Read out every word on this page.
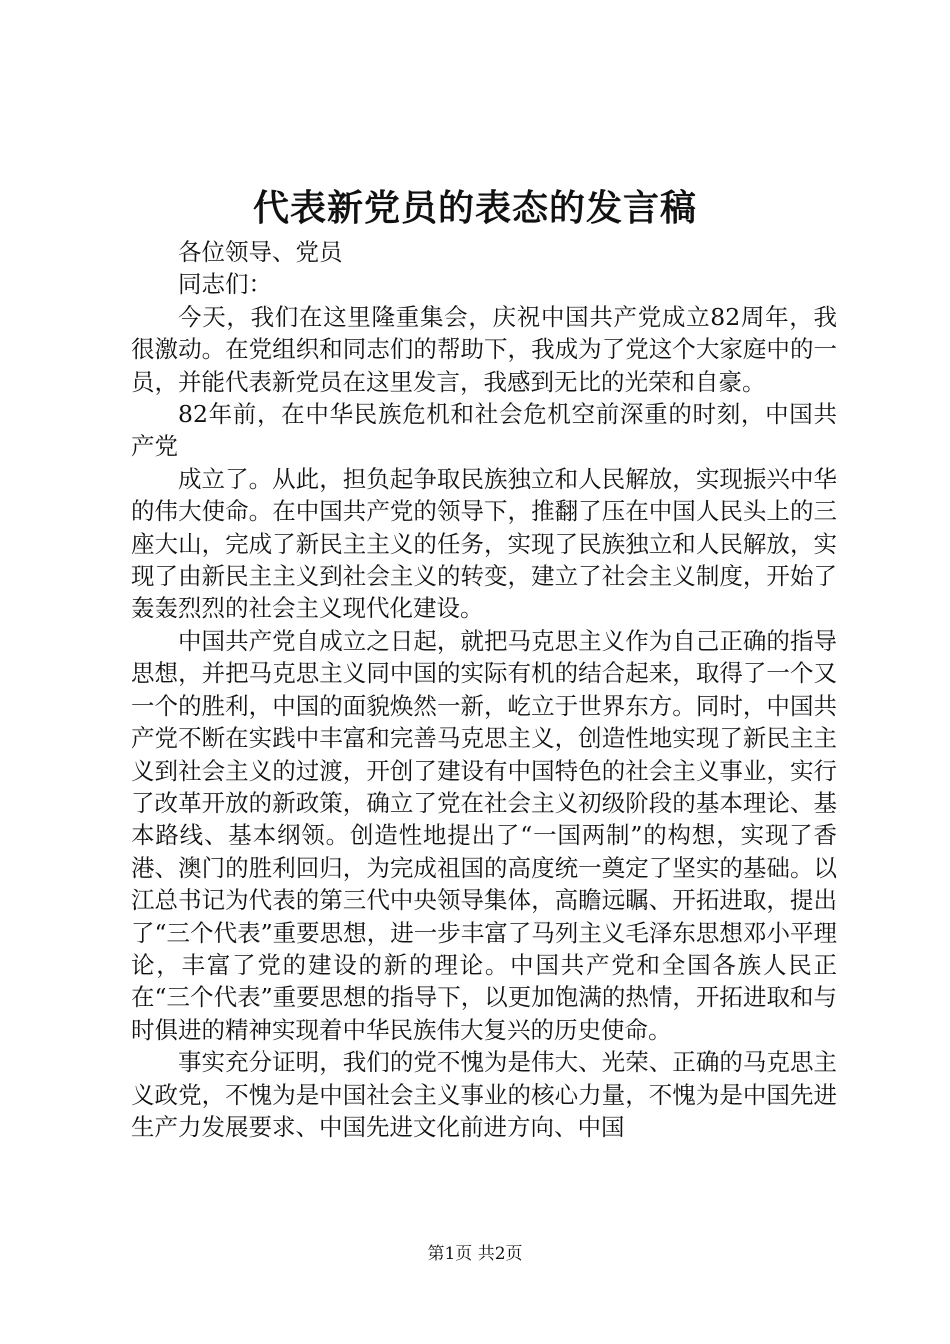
代表新党员的表态的发言稿

各位领导、党员

同志们：

今天，我们在这里隆重集会，庆祝中国共产党成立82周年，我很激动。在党组织和同志们的帮助下，我成为了党这个大家庭中的一员，并能代表新党员在这里发言，我感到无比的光荣和自豪。

82年前，在中华民族危机和社会危机空前深重的时刻，中国共产党

成立了。从此，担负起争取民族独立和人民解放，实现振兴中华的伟大使命。在中国共产党的领导下，推翻了压在中国人民头上的三座大山，完成了新民主主义的任务，实现了民族独立和人民解放，实现了由新民主主义到社会主义的转变，建立了社会主义制度，开始了轰轰烈烈的社会主义现代化建设。

中国共产党自成立之日起，就把马克思主义作为自己正确的指导思想，并把马克思主义同中国的实际有机的结合起来，取得了一个又一个的胜利，中国的面貌焕然一新，屹立于世界东方。同时，中国共产党不断在实践中丰富和完善马克思主义，创造性地实现了新民主主义到社会主义的过渡，开创了建设有中国特色的社会主义事业，实行了改革开放的新政策，确立了党在社会主义初级阶段的基本理论、基本路线、基本纲领。创造性地提出了“一国两制”的构想，实现了香港、澳门的胜利回归，为完成祖国的高度统一奠定了坚实的基础。以江总书记为代表的第三代中央领导集体，高瞻远瞩、开拓进取，提出了“三个代表”重要思想，进一步丰富了马列主义毛泽东思想邓小平理论，丰富了党的建设的新的理论。中国共产党和全国各族人民正在“三个代表”重要思想的指导下，以更加饱满的热情，开拓进取和与时俱进的精神实现着中华民族伟大复兴的历史使命。

事实充分证明，我们的党不愧为是伟大、光荣、正确的马克思主义政党，不愧为是中国社会主义事业的核心力量，不愧为是中国先进生产力发展要求、中国先进文化前进方向、中国

第1页 共2页
